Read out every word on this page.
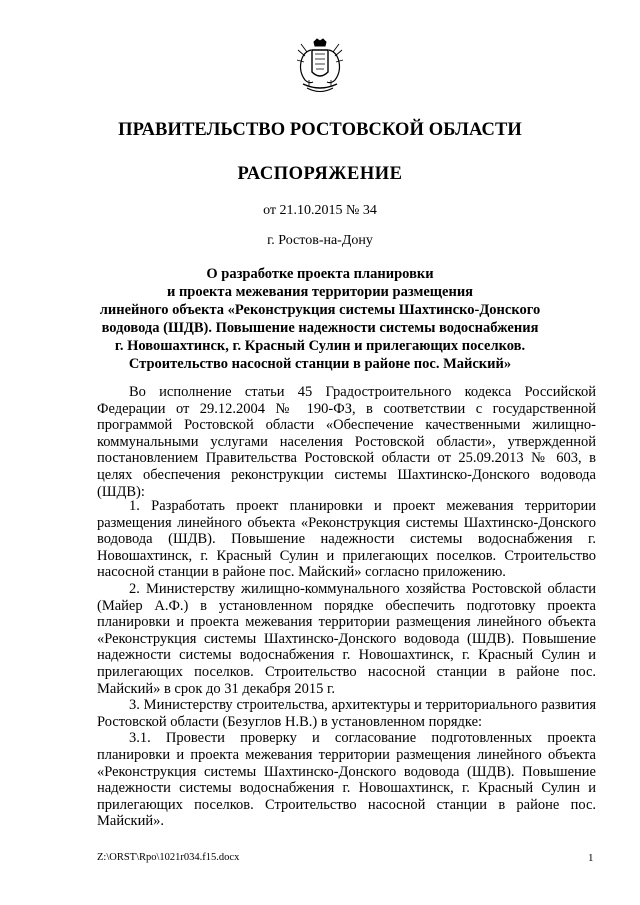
ПРАВИТЕЛЬСТВО РОСТОВСКОЙ ОБЛАСТИ
РАСПОРЯЖЕНИЕ
от 21.10.2015 № 34
г. Ростов-на-Дону
О разработке проекта планировки
и проекта межевания территории размещения
линейного объекта «Реконструкция системы Шахтинско-Донского
водовода (ШДВ). Повышение надежности системы водоснабжения
г. Новошахтинск, г. Красный Сулин и прилегающих поселков.
Строительство насосной станции в районе пос. Майский»

Во исполнение статьи 45 Градостроительного кодекса Российской Федерации от 29.12.2004 № 190-ФЗ, в соответствии с государственной программой Ростовской области «Обеспечение качественными жилищно-коммунальными услугами населения Ростовской области», утвержденной постановлением Правительства Ростовской области от 25.09.2013 № 603, в целях обеспечения реконструкции системы Шахтинско-Донского водовода (ШДВ):

1. Разработать проект планировки и проект межевания территории размещения линейного объекта «Реконструкция системы Шахтинско-Донского водовода (ШДВ). Повышение надежности системы водоснабжения г. Новошахтинск, г. Красный Сулин и прилегающих поселков. Строительство насосной станции в районе пос. Майский» согласно приложению.

2. Министерству жилищно-коммунального хозяйства Ростовской области (Майер А.Ф.) в установленном порядке обеспечить подготовку проекта планировки и проекта межевания территории размещения линейного объекта «Реконструкция системы Шахтинско-Донского водовода (ШДВ). Повышение надежности системы водоснабжения г. Новошахтинск, г. Красный Сулин и прилегающих поселков. Строительство насосной станции в районе пос. Майский» в срок до 31 декабря 2015 г.

3. Министерству строительства, архитектуры и территориального развития Ростовской области (Безуглов Н.В.) в установленном порядке:

3.1. Провести проверку и согласование подготовленных проекта планировки и проекта межевания территории размещения линейного объекта «Реконструкция системы Шахтинско-Донского водовода (ШДВ). Повышение надежности системы водоснабжения г. Новошахтинск, г. Красный Сулин и прилегающих поселков. Строительство насосной станции в районе пос. Майский».

Z:\ORST\Rpo\1021r034.f15.docx	1
